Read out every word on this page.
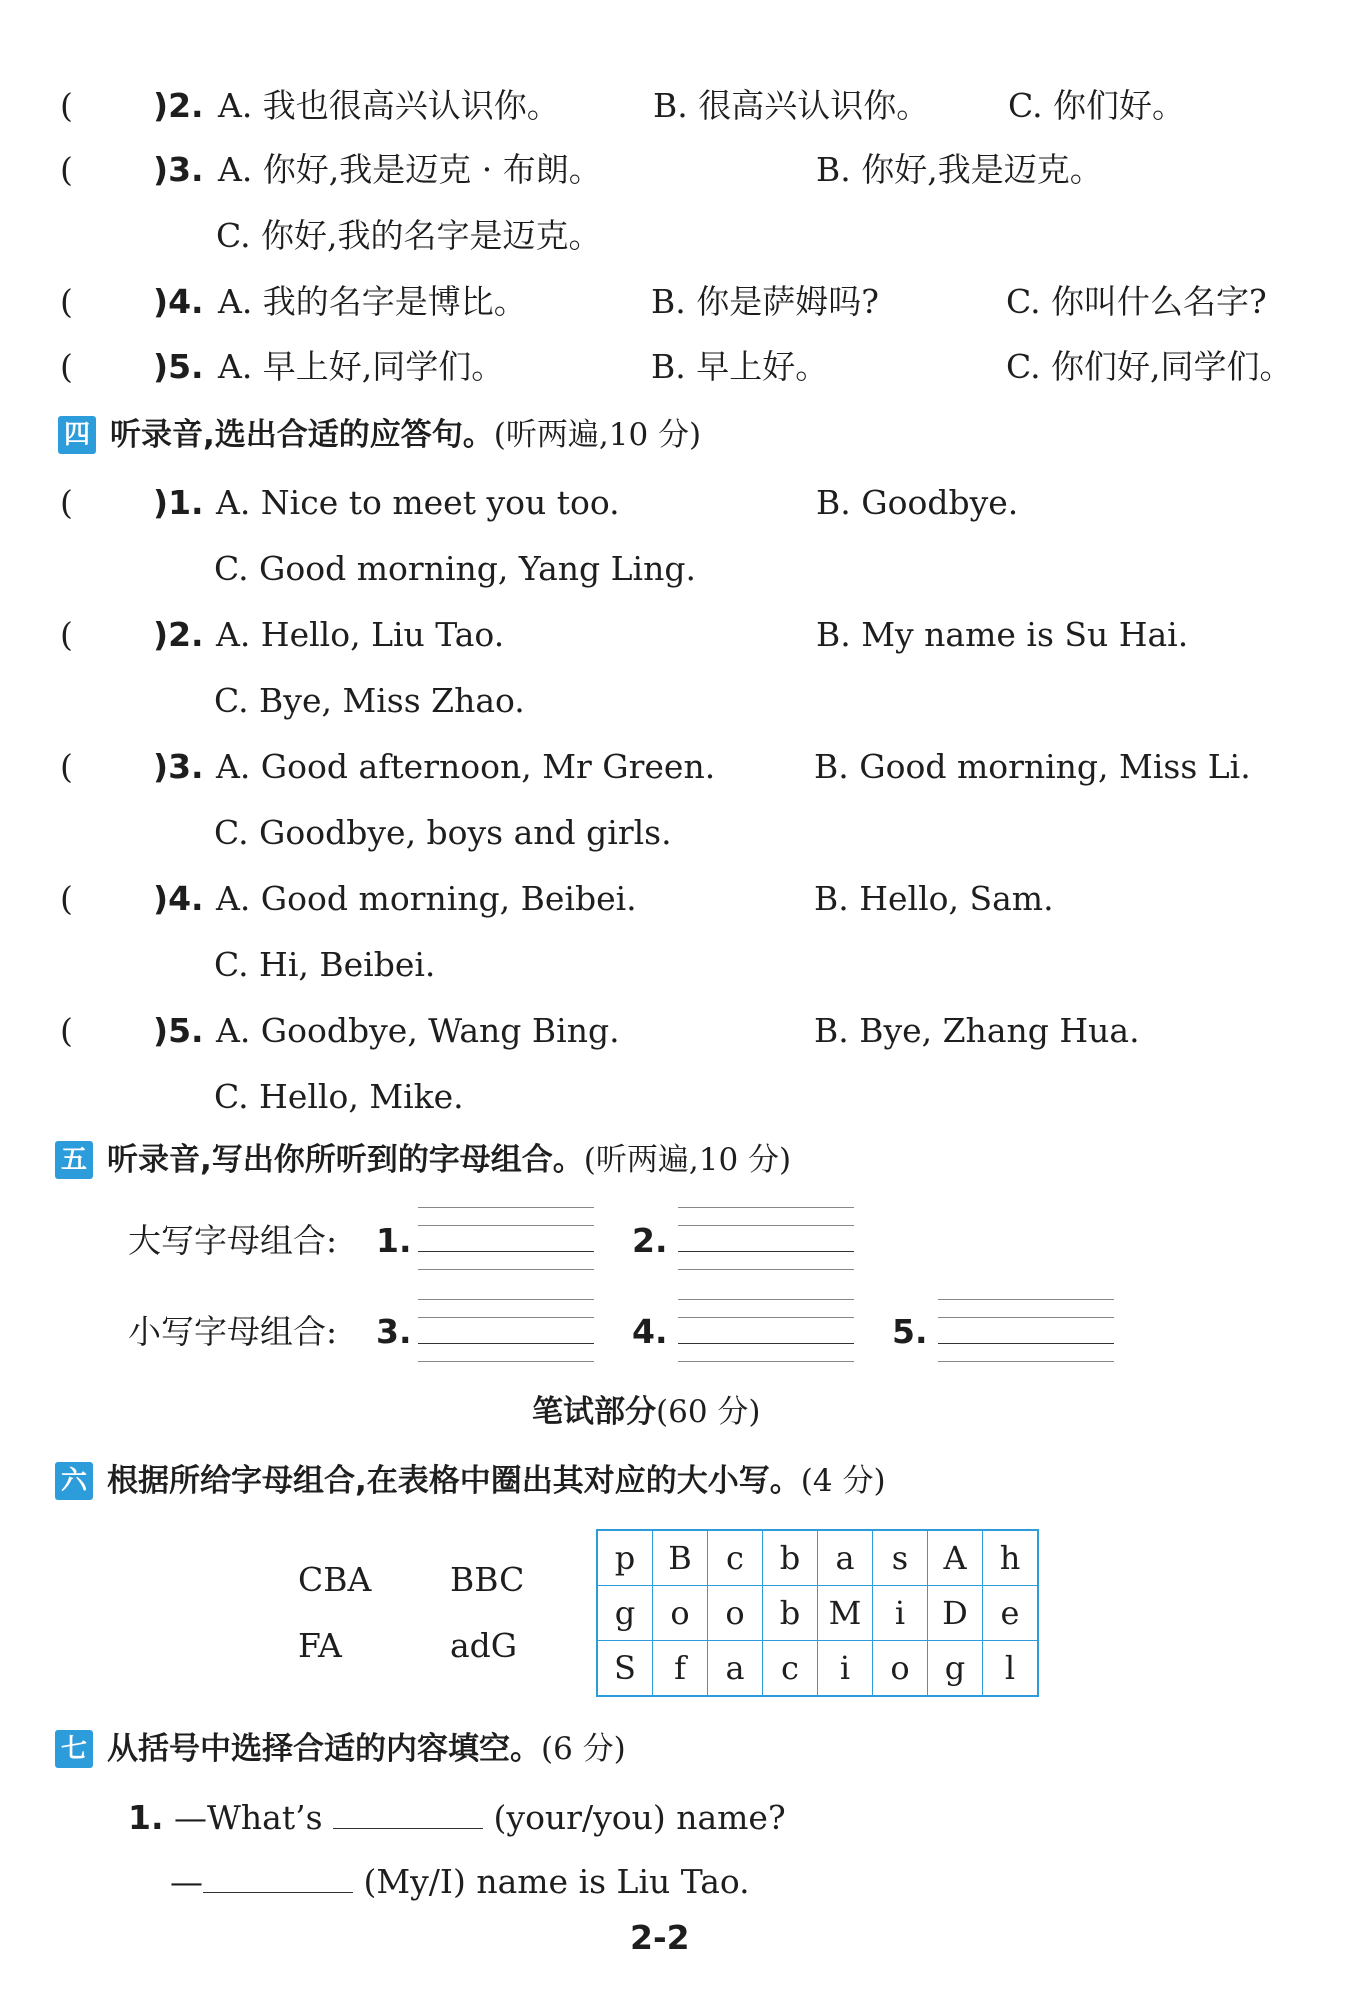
( )2. A. 我也很高兴认识你。	B. 很高兴认识你。 C. 你们好。
( )3. A. 你好,我是迈克 · 布朗。	B. 你好,我是迈克。
C. 你好,我的名字是迈克。
( )4. A. 我的名字是博比。	B. 你是萨姆吗?	C. 你叫什么名字?
( )5. A. 早上好,同学们。	B. 早上好。	C. 你们好,同学们。
四 听录音,选出合适的应答句。(听两遍,10 分)
( )1. A. Nice to meet you too.	B. Goodbye.
C. Good morning, Yang Ling.
( )2. A. Hello, Liu Tao.	B. My name is Su Hai.
C. Bye, Miss Zhao.
( )3. A. Good afternoon, Mr Green.	B. Good morning, Miss Li.
C. Goodbye, boys and girls.
( )4. A. Good morning, Beibei.	B. Hello, Sam.
C. Hi, Beibei.
( )5. A. Goodbye, Wang Bing.	B. Bye, Zhang Hua.
C. Hello, Mike.
五 听录音,写出你所听到的字母组合。(听两遍,10 分)
大写字母组合: 1.	2.
小写字母组合: 3.	4.	5.
笔试部分(60 分)
六 根据所给字母组合,在表格中圈出其对应的大小写。(4 分)
CBA BBC
FA	adG
p	B	c	b	a	s	A	h
g	o	o	b	M	i	D	e
S	f	a	c	i	o	g	l
七 从括号中选择合适的内容填空。(6 分)
1. —What’s	(your/you) name?
—	(My/I) name is Liu Tao.
2-2
